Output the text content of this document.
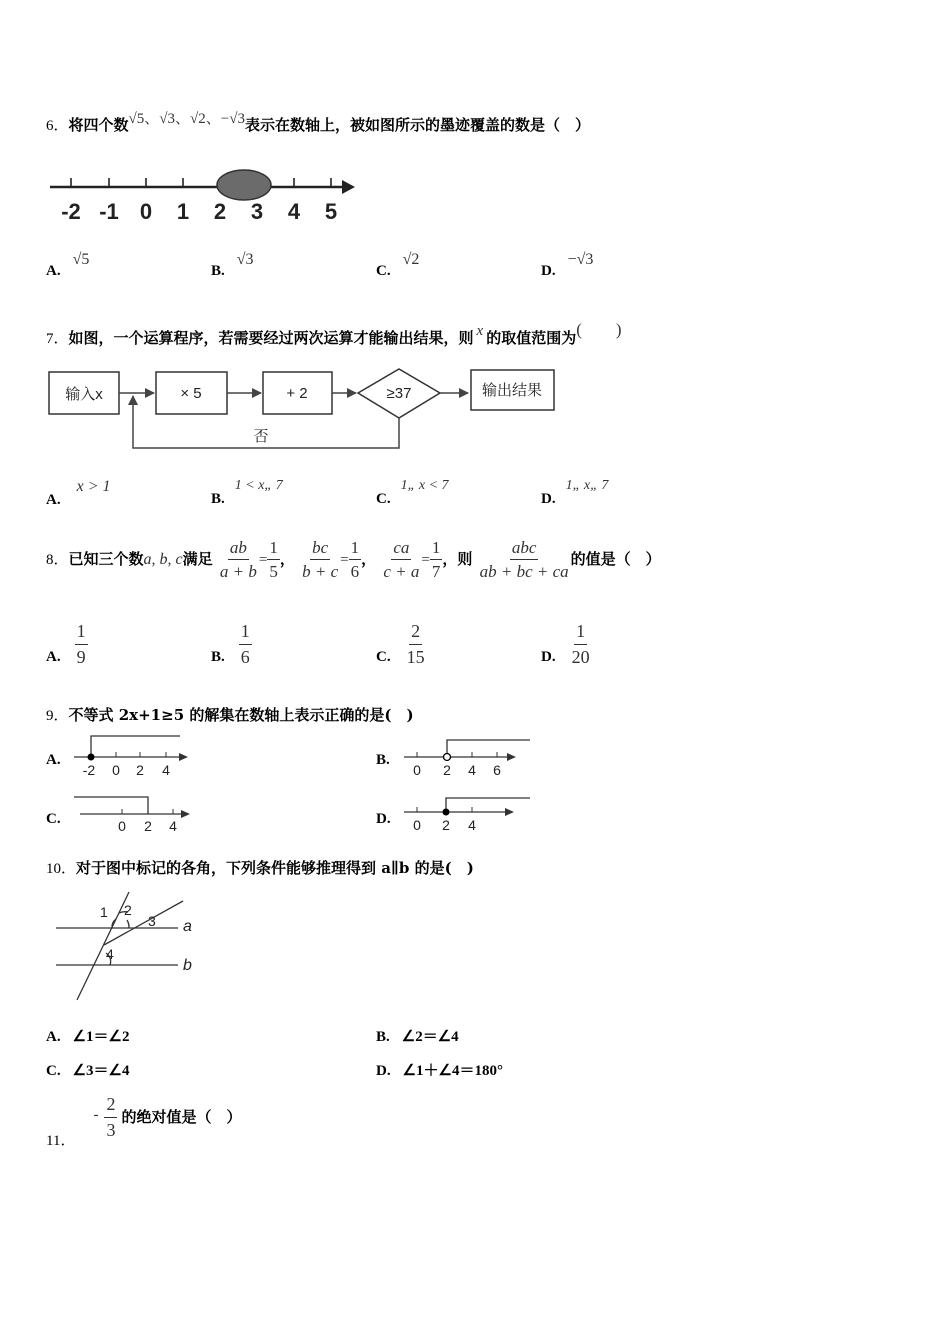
6．将四个数√5、√3、√2、−√3表示在数轴上，被如图所示的墨迹覆盖的数是（　）
-2 -1 0 1 2 3 4 5
A.√5
B.√3
C.√2
D.−√3
7．如图，一个运算程序，若需要经过两次运算才能输出结果，则 x 的取值范围为(　　)
输入x	× 5	+ 2	≥37	输出结果
否
A.x > 1
B.1 < x„ 7
C.1„ x < 7
D.1„ x„ 7
8．已知三个数a, b, c满足 $\frac{ab}{a + b} = \frac{1}{5}$ ， $\frac{bc}{b + c} = \frac{1}{6}$ ， $\frac{ca}{c + a} = \frac{1}{7}$ ，则 $\frac{\text{abc}}{ab + bc + ca}$ 的值是（　）
A. $\frac{1}{9}$	B. $\frac{1}{6}$	C. $\frac{2}{15}$	D. $\frac{1}{20}$
9．不等式 2x+1≥5 的解集在数轴上表示正确的是(　)
A.
-2 0 2 4
B.
0 2 4 6
C.	0 2 4	D. 0 2 4
10．对于图中标记的各角，下列条件能够推理得到 a∥b 的是(　)
1 2
3
4
a
b
A. ∠1＝∠2	B. ∠2＝∠4
C. ∠3＝∠4	D. ∠1＋∠4＝180°
11．- $\frac{2}{3}$ 的绝对值是（　）
